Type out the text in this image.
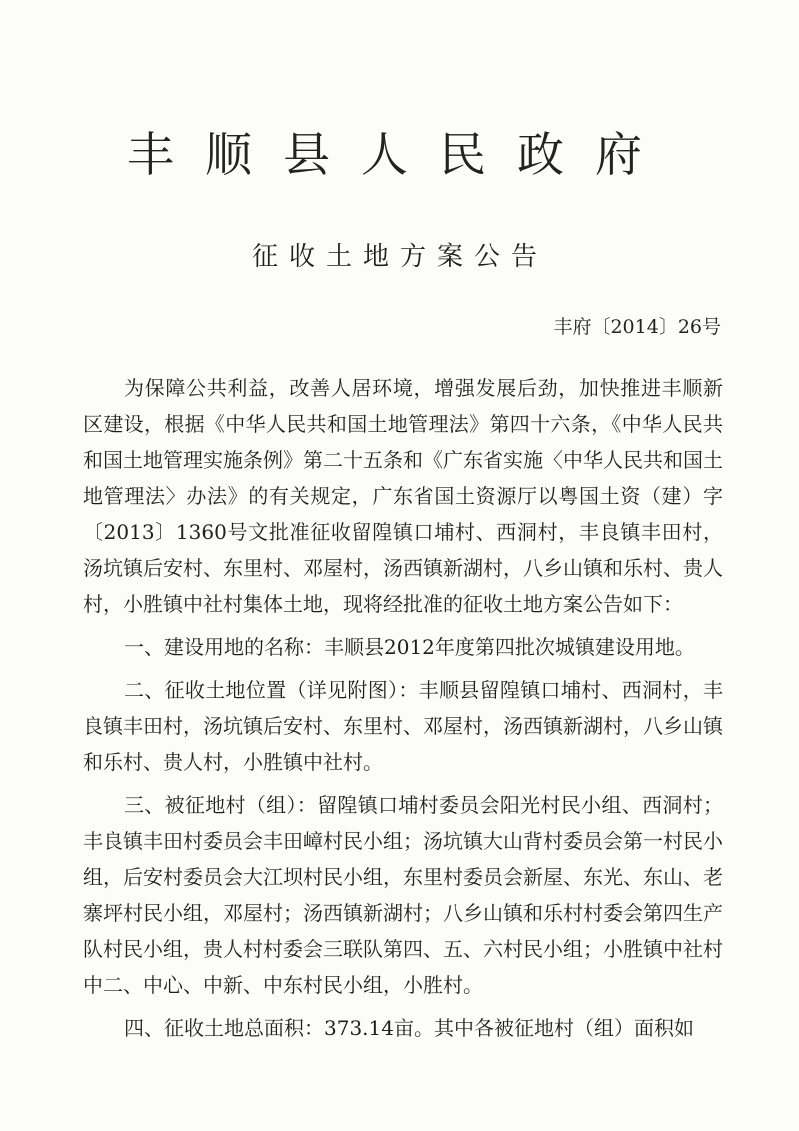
丰顺县人民政府
征收土地方案公告
丰府〔2014〕26号

为保障公共利益，改善人居环境，增强发展后劲，加快推进丰顺新区建设，根据《中华人民共和国土地管理法》第四十六条，《中华人民共和国土地管理实施条例》第二十五条和《广东省实施〈中华人民共和国土地管理法〉办法》的有关规定，广东省国土资源厅以粤国土资（建）字〔2013〕1360号文批准征收留隍镇口埔村、西洞村，丰良镇丰田村，汤坑镇后安村、东里村、邓屋村，汤西镇新湖村，八乡山镇和乐村、贵人村，小胜镇中社村集体土地，现将经批准的征收土地方案公告如下：

一、建设用地的名称：丰顺县2012年度第四批次城镇建设用地。

二、征收土地位置（详见附图）：丰顺县留隍镇口埔村、西洞村，丰良镇丰田村，汤坑镇后安村、东里村、邓屋村，汤西镇新湖村，八乡山镇和乐村、贵人村，小胜镇中社村。

三、被征地村（组）：留隍镇口埔村委员会阳光村民小组、西洞村；丰良镇丰田村委员会丰田嶂村民小组；汤坑镇大山背村委员会第一村民小组，后安村委员会大江坝村民小组，东里村委员会新屋、东光、东山、老寨坪村民小组，邓屋村；汤西镇新湖村；八乡山镇和乐村村委会第四生产队村民小组，贵人村村委会三联队第四、五、六村民小组；小胜镇中社村中二、中心、中新、中东村民小组，小胜村。

四、征收土地总面积：373.14亩。其中各被征地村（组）面积如
